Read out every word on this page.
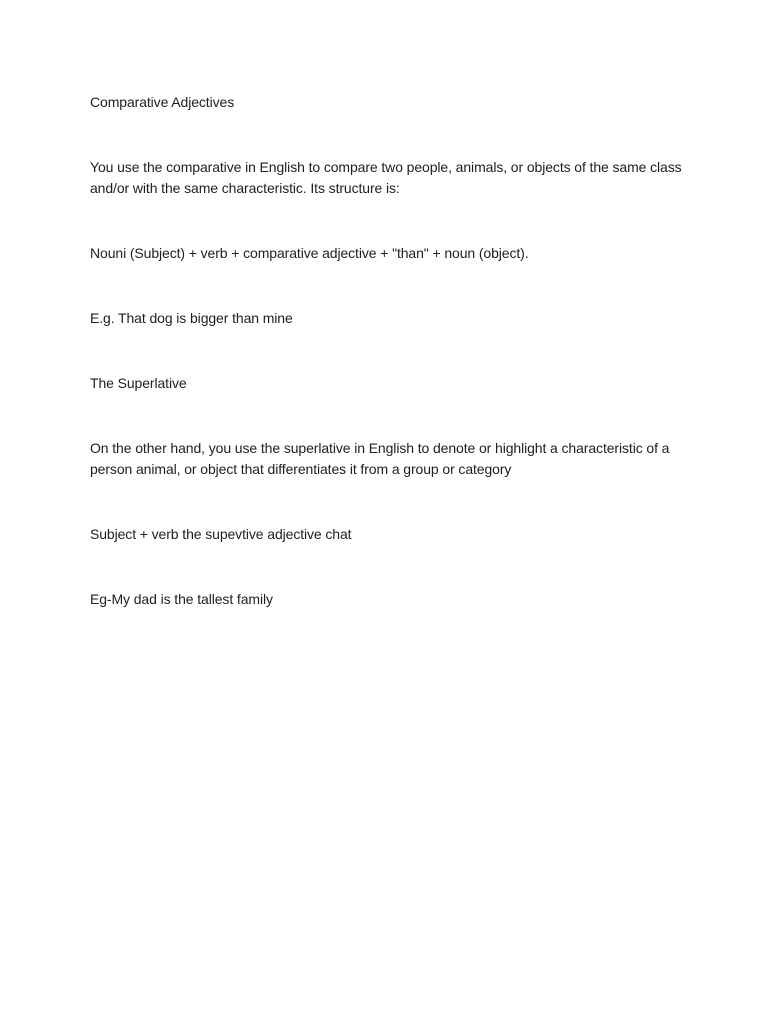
Comparative Adjectives

You use the comparative in English to compare two people, animals, or objects of the same class and/or with the same characteristic. Its structure is:

Nouni (Subject) + verb + comparative adjective + "than" + noun (object).

E.g. That dog is bigger than mine

The Superlative

On the other hand, you use the superlative in English to denote or highlight a characteristic of a person animal, or object that differentiates it from a group or category

Subject + verb the supevtive adjective chat

Eg-My dad is the tallest family
